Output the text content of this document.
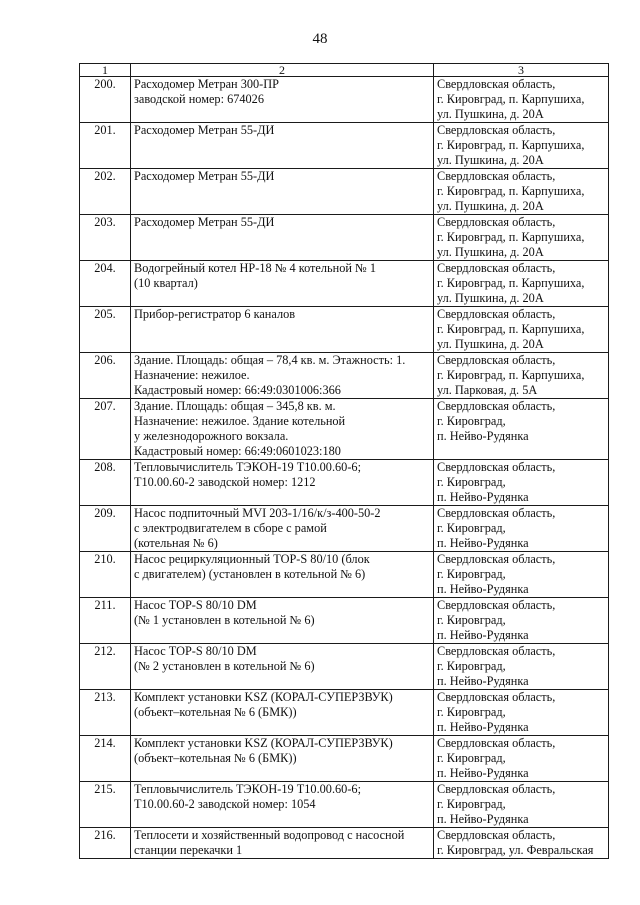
48
1	2	3
200.	Расходомер Метран 300-ПР
заводской номер: 674026	Свердловская область,
г. Кировград, п. Карпушиха,
ул. Пушкина, д. 20А

201.	Расходомер Метран 55-ДИ	Свердловская область,
г. Кировград, п. Карпушиха,
ул. Пушкина, д. 20А

202.	Расходомер Метран 55-ДИ	Свердловская область,
г. Кировград, п. Карпушиха,
ул. Пушкина, д. 20А

203.	Расходомер Метран 55-ДИ	Свердловская область,
г. Кировград, п. Карпушиха,
ул. Пушкина, д. 20А

204.	Водогрейный котел НР-18 № 4 котельной № 1
(10 квартал)	Свердловская область,
г. Кировград, п. Карпушиха,
ул. Пушкина, д. 20А

205.	Прибор-регистратор 6 каналов	Свердловская область,
г. Кировград, п. Карпушиха,
ул. Пушкина, д. 20А

206.	Здание. Площадь: общая – 78,4 кв. м. Этажность: 1.
Назначение: нежилое.
Кадастровый номер: 66:49:0301006:366	Свердловская область,
г. Кировград, п. Карпушиха,
ул. Парковая, д. 5А

207.	Здание. Площадь: общая – 345,8 кв. м.
Назначение: нежилое. Здание котельной
у железнодорожного вокзала.
Кадастровый номер: 66:49:0601023:180	Свердловская область,
г. Кировград,
п. Нейво-Рудянка

208.	Тепловычислитель ТЭКОН-19 Т10.00.60-6;
Т10.00.60-2 заводской номер: 1212	Свердловская область,
г. Кировград,
п. Нейво-Рудянка

209.	Насос подпиточный MVI 203-1/16/к/з-400-50-2
с электродвигателем в сборе с рамой
(котельная № 6)	Свердловская область,
г. Кировград,
п. Нейво-Рудянка

210.	Насос рециркуляционный TOP-S 80/10 (блок
с двигателем) (установлен в котельной № 6)	Свердловская область,
г. Кировград,
п. Нейво-Рудянка

211.	Насос TOP-S 80/10 DM
(№ 1 установлен в котельной № 6)	Свердловская область,
г. Кировград,
п. Нейво-Рудянка

212.	Насос TOP-S 80/10 DM
(№ 2 установлен в котельной № 6)	Свердловская область,
г. Кировград,
п. Нейво-Рудянка

213.	Комплект установки KSZ (КОРАЛ-СУПЕРЗВУК)
(объект–котельная № 6 (БМК))	Свердловская область,
г. Кировград,
п. Нейво-Рудянка

214.	Комплект установки KSZ (КОРАЛ-СУПЕРЗВУК)
(объект–котельная № 6 (БМК))	Свердловская область,
г. Кировград,
п. Нейво-Рудянка

215.	Тепловычислитель ТЭКОН-19 Т10.00.60-6;
Т10.00.60-2 заводской номер: 1054	Свердловская область,
г. Кировград,
п. Нейво-Рудянка

216.	Теплосети и хозяйственный водопровод с насосной
станции перекачки 1	Свердловская область,
г. Кировград, ул. Февральская
